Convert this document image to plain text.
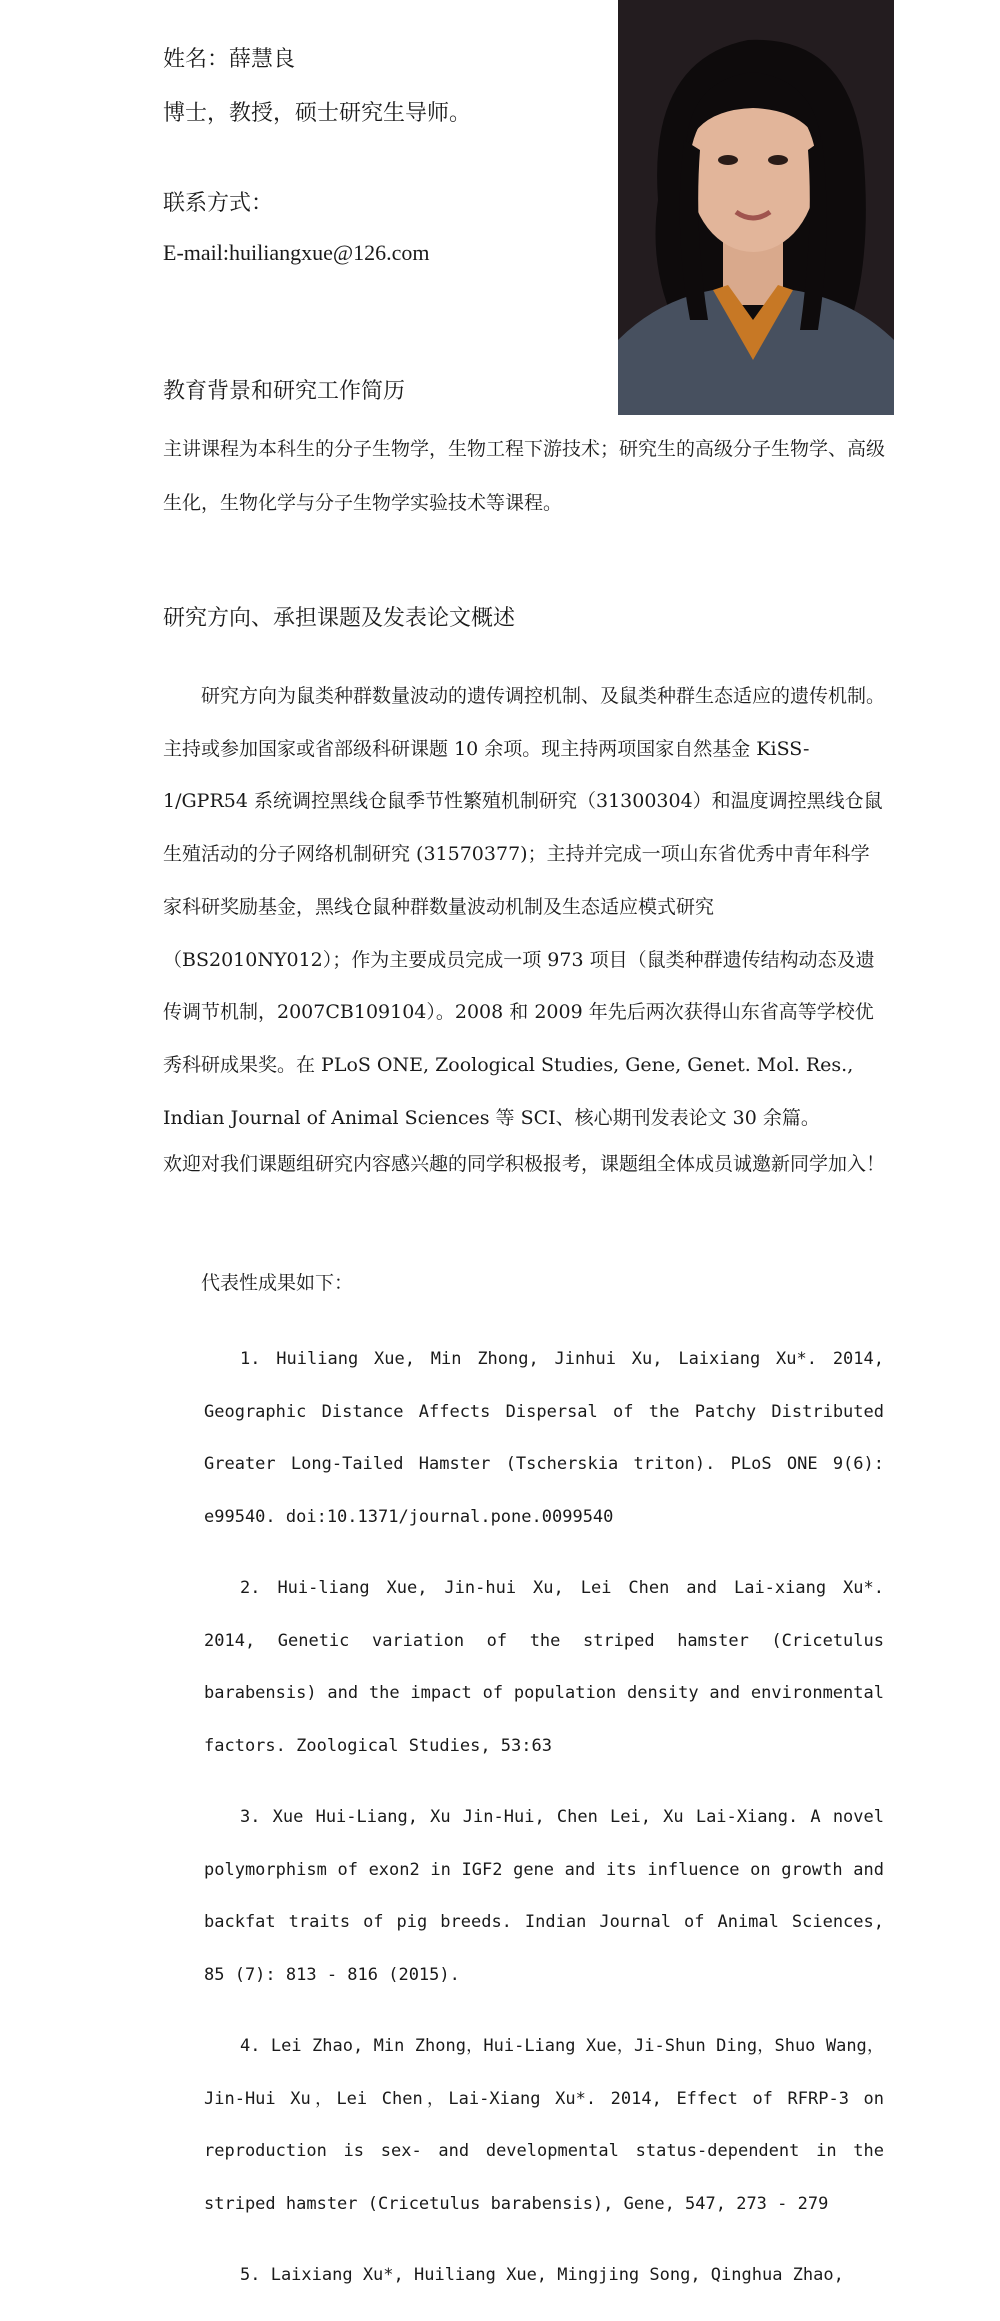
姓名：薛慧良
博士，教授，硕士研究生导师。
联系方式：
E-mail:huiliangxue@126.com
教育背景和研究工作简历
主讲课程为本科生的分子生物学，生物工程下游技术；研究生的高级分子生物学、高级生化，生物化学与分子生物学实验技术等课程。
研究方向、承担课题及发表论文概述
研究方向为鼠类种群数量波动的遗传调控机制、及鼠类种群生态适应的遗传机制。主持或参加国家或省部级科研课题 10 余项。现主持两项国家自然基金 KiSS-1/GPR54 系统调控黑线仓鼠季节性繁殖机制研究（31300304）和温度调控黑线仓鼠生殖活动的分子网络机制研究 (31570377)；主持并完成一项山东省优秀中青年科学家科研奖励基金，黑线仓鼠种群数量波动机制及生态适应模式研究（BS2010NY012）；作为主要成员完成一项 973 项目（鼠类种群遗传结构动态及遗传调节机制，2007CB109104）。2008 和 2009 年先后两次获得山东省高等学校优秀科研成果奖。在 PLoS ONE, Zoological Studies, Gene, Genet. Mol. Res., Indian Journal of Animal Sciences 等 SCI、核心期刊发表论文 30 余篇。
欢迎对我们课题组研究内容感兴趣的同学积极报考，课题组全体成员诚邀新同学加入！
代表性成果如下：

1. Huiliang Xue, Min Zhong, Jinhui Xu, Laixiang Xu*. 2014, Geographic Distance Affects Dispersal of the Patchy Distributed Greater Long-Tailed Hamster (Tscherskia triton). PLoS ONE 9(6): e99540. doi:10.1371/journal.pone.0099540

2. Hui-liang Xue, Jin-hui Xu, Lei Chen and Lai-xiang Xu*. 2014, Genetic variation of the striped hamster (Cricetulus barabensis) and the impact of population density and environmental factors. Zoological Studies, 53:63

3. Xue Hui-Liang, Xu Jin-Hui, Chen Lei, Xu Lai-Xiang. A novel polymorphism of exon2 in IGF2 gene and its influence on growth and backfat traits of pig breeds. Indian Journal of Animal Sciences, 85 (7): 813 - 816 (2015).

4. Lei Zhao, Min Zhong，Hui-Liang Xue，Ji-Shun Ding，Shuo Wang，Jin-Hui Xu，Lei Chen，Lai-Xiang Xu*. 2014, Effect of RFRP-3 on reproduction is sex- and developmental status-dependent in the striped hamster (Cricetulus barabensis), Gene, 547, 273 - 279

5. Laixiang Xu*, Huiliang Xue, Mingjing Song, Qinghua Zhao,
